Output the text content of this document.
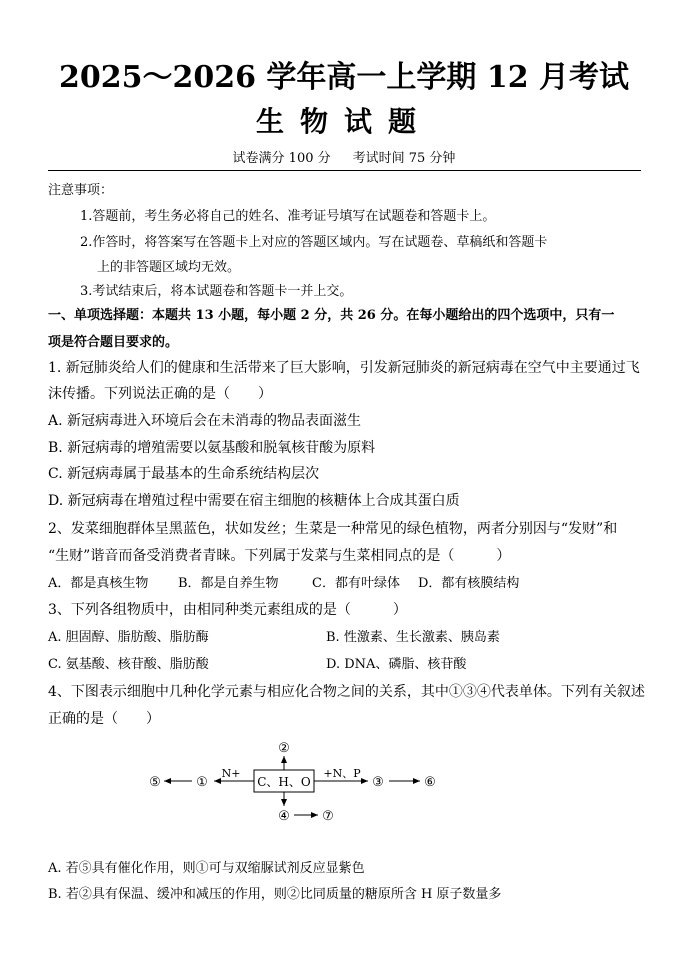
2025～2026 学年高一上学期 12 月考试
生物试题
试卷满分 100 分 考试时间 75 分钟
注意事项：
1.答题前，考生务必将自己的姓名、准考证号填写在试题卷和答题卡上。
2.作答时，将答案写在答题卡上对应的答题区域内。写在试题卷、草稿纸和答题卡
上的非答题区域均无效。
3.考试结束后，将本试题卷和答题卡一并上交。
一、单项选择题：本题共 13 小题，每小题 2 分，共 26 分。在每小题给出的四个选项中，只有一
项是符合题目要求的。
1. 新冠肺炎给人们的健康和生活带来了巨大影响，引发新冠肺炎的新冠病毒在空气中主要通过飞
沫传播。下列说法正确的是（　　）
A. 新冠病毒进入环境后会在未消毒的物品表面滋生
B. 新冠病毒的增殖需要以氨基酸和脱氧核苷酸为原料
C. 新冠病毒属于最基本的生命系统结构层次
D. 新冠病毒在增殖过程中需要在宿主细胞的核糖体上合成其蛋白质
2、发菜细胞群体呈黑蓝色，状如发丝；生菜是一种常见的绿色植物，两者分别因与“发财”和
“生财”谐音而备受消费者青睐。下列属于发菜与生菜相同点的是（　　　）
A．都是真核生物 B．都是自养生物	C．都有叶绿体 D．都有核膜结构
3、下列各组物质中，由相同种类元素组成的是（　　　）
A. 胆固醇、脂肪酸、脂肪酶	B. 性激素、生长激素、胰岛素
C. 氨基酸、核苷酸、脂肪酸	D. DNA、磷脂、核苷酸
4、下图表示细胞中几种化学元素与相应化合物之间的关系，其中①③④代表单体。下列有关叙述
正确的是（　　）
C、H、O
②
N+
①
⑤
+N、P
③	⑥
④ ⑦
A. 若⑤具有催化作用，则①可与双缩脲试剂反应显紫色
B. 若②具有保温、缓冲和减压的作用，则②比同质量的糖原所含 H 原子数量多
